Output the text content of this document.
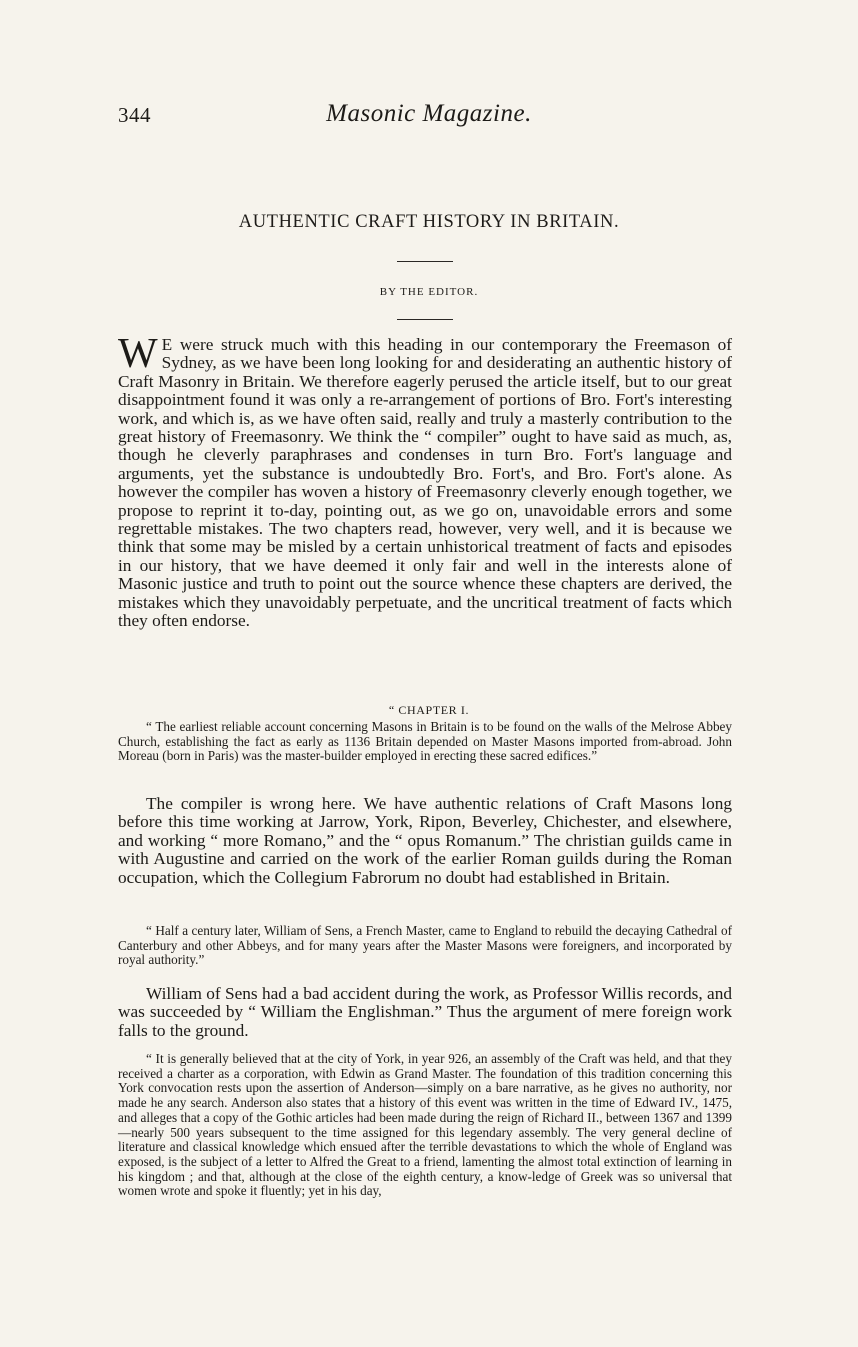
344	Masonic Magazine.
AUTHENTIC CRAFT HISTORY IN BRITAIN.
BY THE EDITOR.
W E were struck much with this heading in our contemporary the Freemason of Sydney, as we have been long looking for and desiderating an authentic history of Craft Masonry in Britain. We therefore eagerly perused the article itself, but to our great disappointment found it was only a re-arrangement of portions of Bro. Fort's interesting work, and which is, as we have often said, really and truly a masterly contribution to the great history of Freemasonry. We think the “ compiler” ought to have said as much, as, though he cleverly paraphrases and condenses in turn Bro. Fort's language and arguments, yet the substance is undoubtedly Bro. Fort's, and Bro. Fort's alone. As however the compiler has woven a history of Freemasonry cleverly enough together, we propose to reprint it to-day, pointing out, as we go on, unavoidable errors and some regrettable mistakes. The two chapters read, however, very well, and it is because we think that some may be misled by a certain unhistorical treatment of facts and episodes in our history, that we have deemed it only fair and well in the interests alone of Masonic justice and truth to point out the source whence these chapters are derived, the mistakes which they unavoidably perpetuate, and the uncritical treatment of facts which they often endorse.
“ CHAPTER I.
“ The earliest reliable account concerning Masons in Britain is to be found on the walls of the Melrose Abbey Church, establishing the fact as early as 1136 Britain depended on Master Masons imported from-abroad. John Moreau (born in Paris) was the master-builder employed in erecting these sacred edifices.”
The compiler is wrong here. We have authentic relations of Craft Masons long before this time working at Jarrow, York, Ripon, Beverley, Chichester, and elsewhere, and working “ more Romano,” and the “ opus Romanum.” The christian guilds came in with Augustine and carried on the work of the earlier Roman guilds during the Roman occupation, which the Collegium Fabrorum no doubt had established in Britain.
“ Half a century later, William of Sens, a French Master, came to England to rebuild the decaying Cathedral of Canterbury and other Abbeys, and for many years after the Master Masons were foreigners, and incorporated by royal authority.”
William of Sens had a bad accident during the work, as Professor Willis records, and was succeeded by “ William the Englishman.” Thus the argument of mere foreign work falls to the ground.
“ It is generally believed that at the city of York, in year 926, an assembly of the Craft was held, and that they received a charter as a corporation, with Edwin as Grand Master. The foundation of this tradition concerning this York convocation rests upon the assertion of Anderson—simply on a bare narrative, as he gives no authority, nor made he any search. Anderson also states that a history of this event was written in the time of Edward IV., 1475, and alleges that a copy of the Gothic articles had been made during the reign of Richard II., between 1367 and 1399—nearly 500 years subsequent to the time assigned for this legendary assembly. The very general decline of literature and classical knowledge which ensued after the terrible devastations to which the whole of England was exposed, is the subject of a letter to Alfred the Great to a friend, lamenting the almost total extinction of learning in his kingdom ; and that, although at the close of the eighth century, a know-ledge of Greek was so universal that women wrote and spoke it fluently; yet in his day,
